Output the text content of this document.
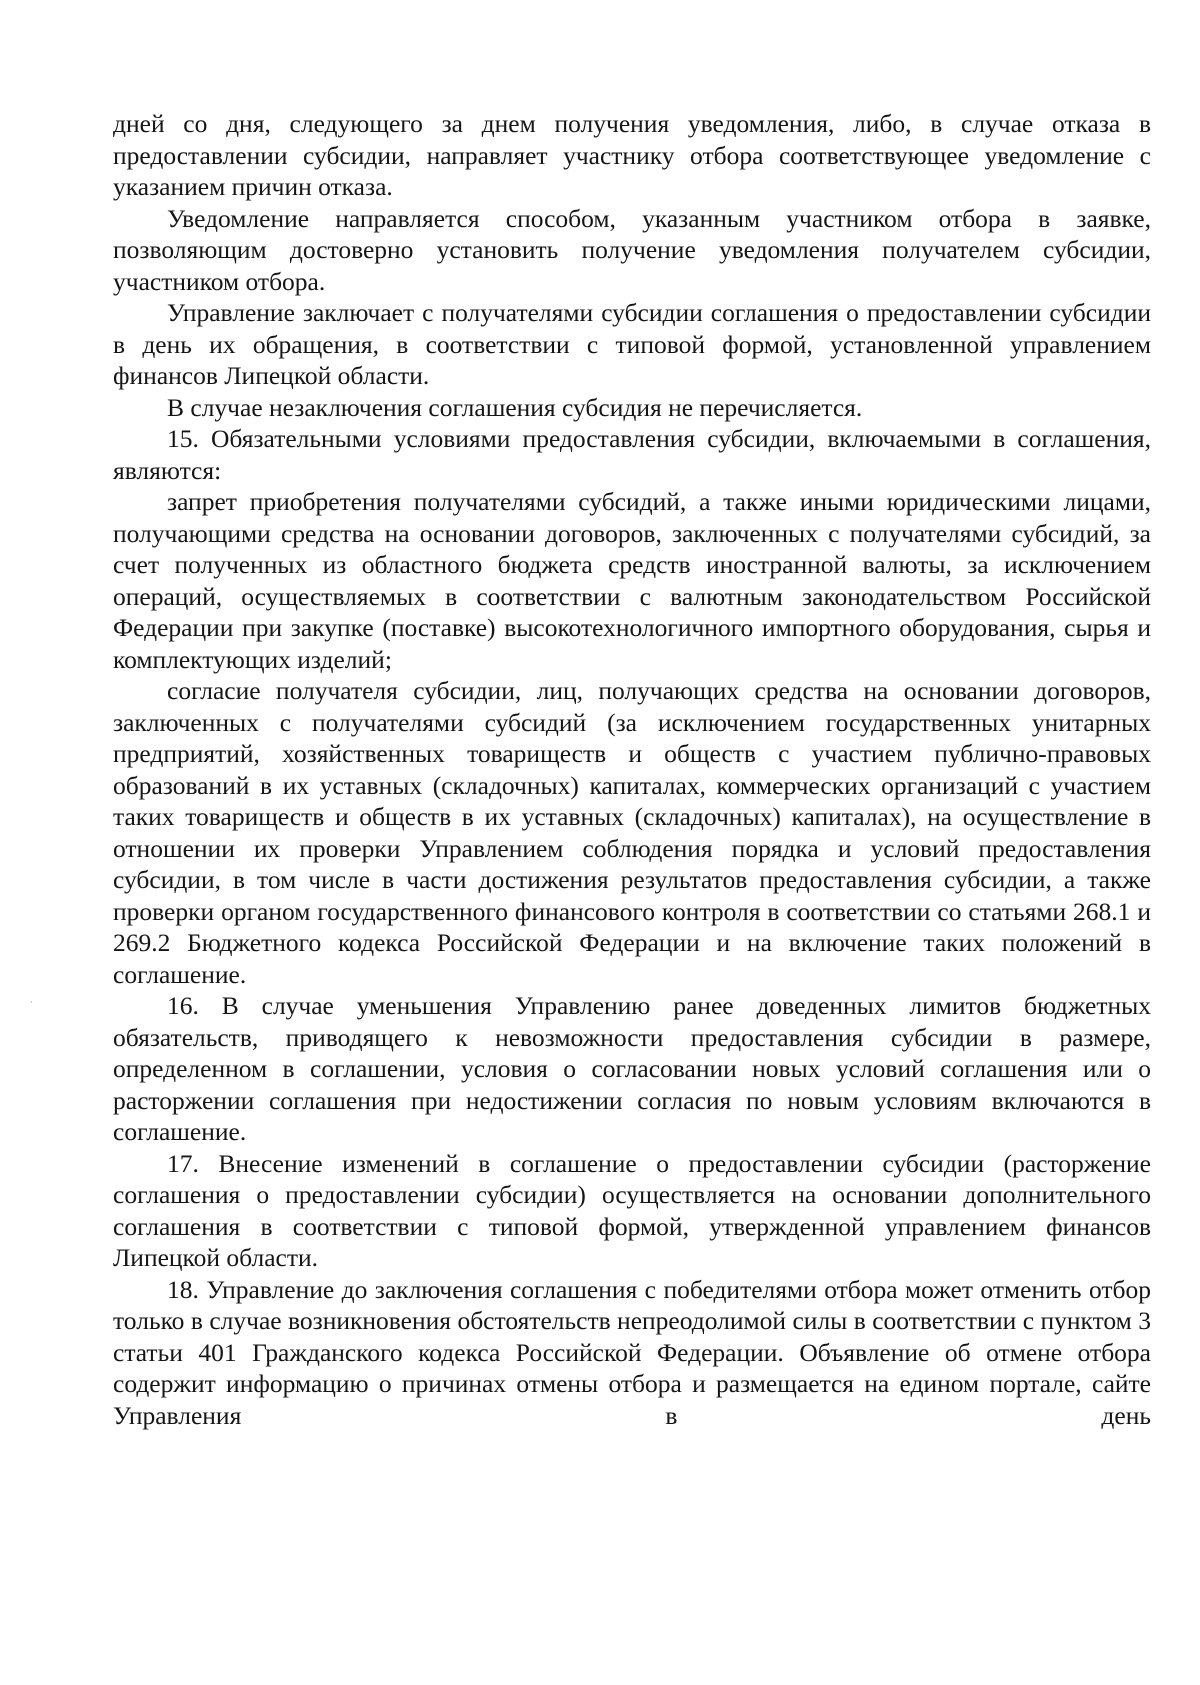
дней со дня, следующего за днем получения уведомления, либо, в случае отказа в предоставлении субсидии, направляет участнику отбора соответствующее уведомление с указанием причин отказа.

Уведомление направляется способом, указанным участником отбора в заявке, позволяющим достоверно установить получение уведомления получателем субсидии, участником отбора.

Управление заключает с получателями субсидии соглашения о предоставлении субсидии в день их обращения, в соответствии с типовой формой, установленной управлением финансов Липецкой области.

В случае незаключения соглашения субсидия не перечисляется.

15. Обязательными условиями предоставления субсидии, включаемыми в соглашения, являются:

запрет приобретения получателями субсидий, а также иными юридическими лицами, получающими средства на основании договоров, заключенных с получателями субсидий, за счет полученных из областного бюджета средств иностранной валюты, за исключением операций, осуществляемых в соответствии с валютным законодательством Российской Федерации при закупке (поставке) высокотехнологичного импортного оборудования, сырья и комплектующих изделий;

согласие получателя субсидии, лиц, получающих средства на основании договоров, заключенных с получателями субсидий (за исключением государственных унитарных предприятий, хозяйственных товариществ и обществ с участием публично-правовых образований в их уставных (складочных) капиталах, коммерческих организаций с участием таких товариществ и обществ в их уставных (складочных) капиталах), на осуществление в отношении их проверки Управлением соблюдения порядка и условий предоставления субсидии, в том числе в части достижения результатов предоставления субсидии, а также проверки органом государственного финансового контроля в соответствии со статьями 268.1 и 269.2 Бюджетного кодекса Российской Федерации и на включение таких положений в соглашение.

16. В случае уменьшения Управлению ранее доведенных лимитов бюджетных обязательств, приводящего к невозможности предоставления субсидии в размере, определенном в соглашении, условия о согласовании новых условий соглашения или о расторжении соглашения при недостижении согласия по новым условиям включаются в соглашение.

17. Внесение изменений в соглашение о предоставлении субсидии (расторжение соглашения о предоставлении субсидии) осуществляется на основании дополнительного соглашения в соответствии с типовой формой, утвержденной управлением финансов Липецкой области.

18. Управление до заключения соглашения с победителями отбора может отменить отбор только в случае возникновения обстоятельств непреодолимой силы в соответствии с пунктом 3 статьи 401 Гражданского кодекса Российской Федерации. Объявление об отмене отбора содержит информацию о причинах отмены отбора и размещается на едином портале, сайте Управления в день

·
